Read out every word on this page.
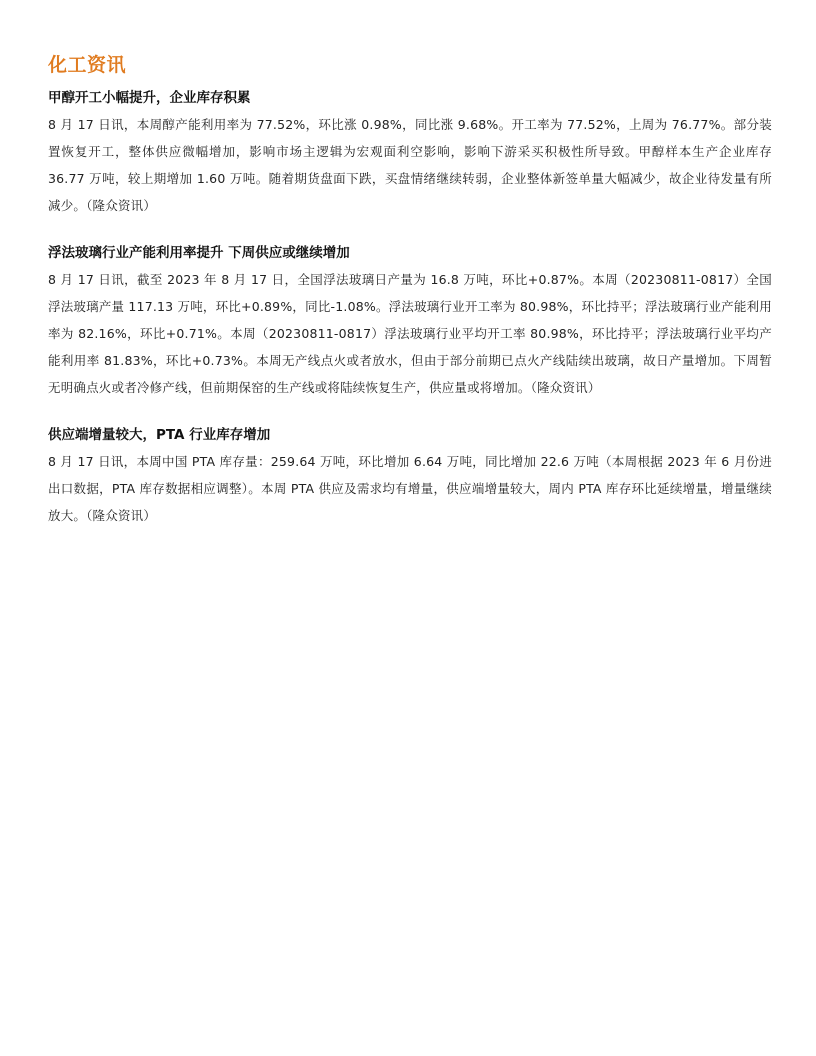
化工资讯
甲醇开工小幅提升，企业库存积累

8 月 17 日讯，本周醇产能利用率为 77.52%，环比涨 0.98%，同比涨 9.68%。开工率为 77.52%，上周为 76.77%。部分装置恢复开工，整体供应微幅增加，影响市场主逻辑为宏观面利空影响，影响下游采买积极性所导致。甲醇样本生产企业库存 36.77 万吨，较上期增加 1.60 万吨。随着期货盘面下跌，买盘情绪继续转弱，企业整体新签单量大幅减少，故企业待发量有所减少。（隆众资讯）

浮法玻璃行业产能利用率提升 下周供应或继续增加

8 月 17 日讯，截至 2023 年 8 月 17 日，全国浮法玻璃日产量为 16.8 万吨，环比+0.87%。本周（20230811-0817）全国浮法玻璃产量 117.13 万吨，环比+0.89%，同比-1.08%。浮法玻璃行业开工率为 80.98%，环比持平；浮法玻璃行业产能利用率为 82.16%，环比+0.71%。本周（20230811-0817）浮法玻璃行业平均开工率 80.98%，环比持平；浮法玻璃行业平均产能利用率 81.83%，环比+0.73%。本周无产线点火或者放水，但由于部分前期已点火产线陆续出玻璃，故日产量增加。下周暂无明确点火或者冷修产线，但前期保窑的生产线或将陆续恢复生产，供应量或将增加。（隆众资讯）

供应端增量较大，PTA 行业库存增加

8 月 17 日讯，本周中国 PTA 库存量：259.64 万吨，环比增加 6.64 万吨，同比增加 22.6 万吨（本周根据 2023 年 6 月份进出口数据，PTA 库存数据相应调整）。本周 PTA 供应及需求均有增量，供应端增量较大，周内 PTA 库存环比延续增量，增量继续放大。（隆众资讯）
